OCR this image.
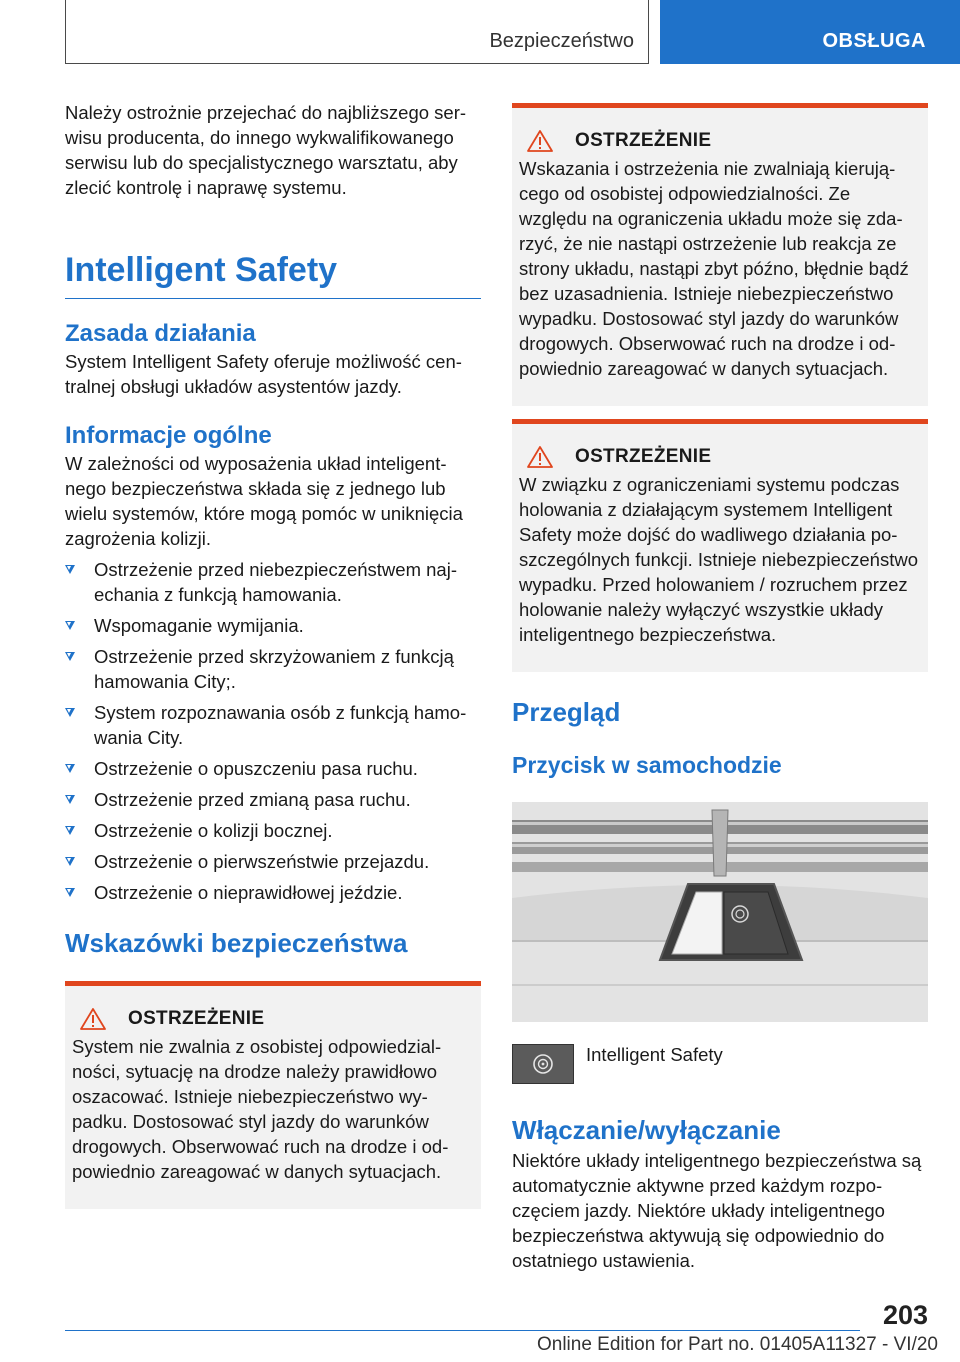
Bezpieczeństwo	OBSŁUGA

Należy ostrożnie przejechać do najbliższego serwisu producenta, do innego wykwalifikowanego serwisu lub do specjalistycznego warsztatu, aby zlecić kontrolę i naprawę systemu.

Intelligent Safety
Zasada działania

System Intelligent Safety oferuje możliwość centralnej obsługi układów asystentów jazdy.

Informacje ogólne

W zależności od wyposażenia układ inteligentnego bezpieczeństwa składa się z jednego lub wielu systemów, które mogą pomóc w uniknięcia zagrożenia kolizji.

Ostrzeżenie przed niebezpieczeństwem najechania z funkcją hamowania.
Wspomaganie wymijania.
Ostrzeżenie przed skrzyżowaniem z funkcją hamowania City;.
System rozpoznawania osób z funkcją hamowania City.
Ostrzeżenie o opuszczeniu pasa ruchu.
Ostrzeżenie przed zmianą pasa ruchu.
Ostrzeżenie o kolizji bocznej.
Ostrzeżenie o pierwszeństwie przejazdu.
Ostrzeżenie o nieprawidłowej jeździe.
Wskazówki bezpieczeństwa
OSTRZEŻENIE

System nie zwalnia z osobistej odpowiedzialności, sytuację na drodze należy prawidłowo oszacować. Istnieje niebezpieczeństwo wypadku. Dostosować styl jazdy do warunków drogowych. Obserwować ruch na drodze i odpowiednio zareagować w danych sytuacjach.

OSTRZEŻENIE

Wskazania i ostrzeżenia nie zwalniają kierującego od osobistej odpowiedzialności. Ze względu na ograniczenia układu może się zdarzyć, że nie nastąpi ostrzeżenie lub reakcja ze strony układu, nastąpi zbyt późno, błędnie bądź bez uzasadnienia. Istnieje niebezpieczeństwo wypadku. Dostosować styl jazdy do warunków drogowych. Obserwować ruch na drodze i odpowiednio zareagować w danych sytuacjach.

OSTRZEŻENIE

W związku z ograniczeniami systemu podczas holowania z działającym systemem Intelligent Safety może dojść do wadliwego działania poszczególnych funkcji. Istnieje niebezpieczeństwo wypadku. Przed holowaniem / rozruchem przez holowanie należy wyłączyć wszystkie układy inteligentnego bezpieczeństwa.

Przegląd
Przycisk w samochodzie

Intelligent Safety

Włączanie/wyłączanie

Niektóre układy inteligentnego bezpieczeństwa są automatycznie aktywne przed każdym rozpoczęciem jazdy. Niektóre układy inteligentnego bezpieczeństwa aktywują się odpowiednio do ostatniego ustawienia.

203
Online Edition for Part no. 01405A11327 - VI/20
